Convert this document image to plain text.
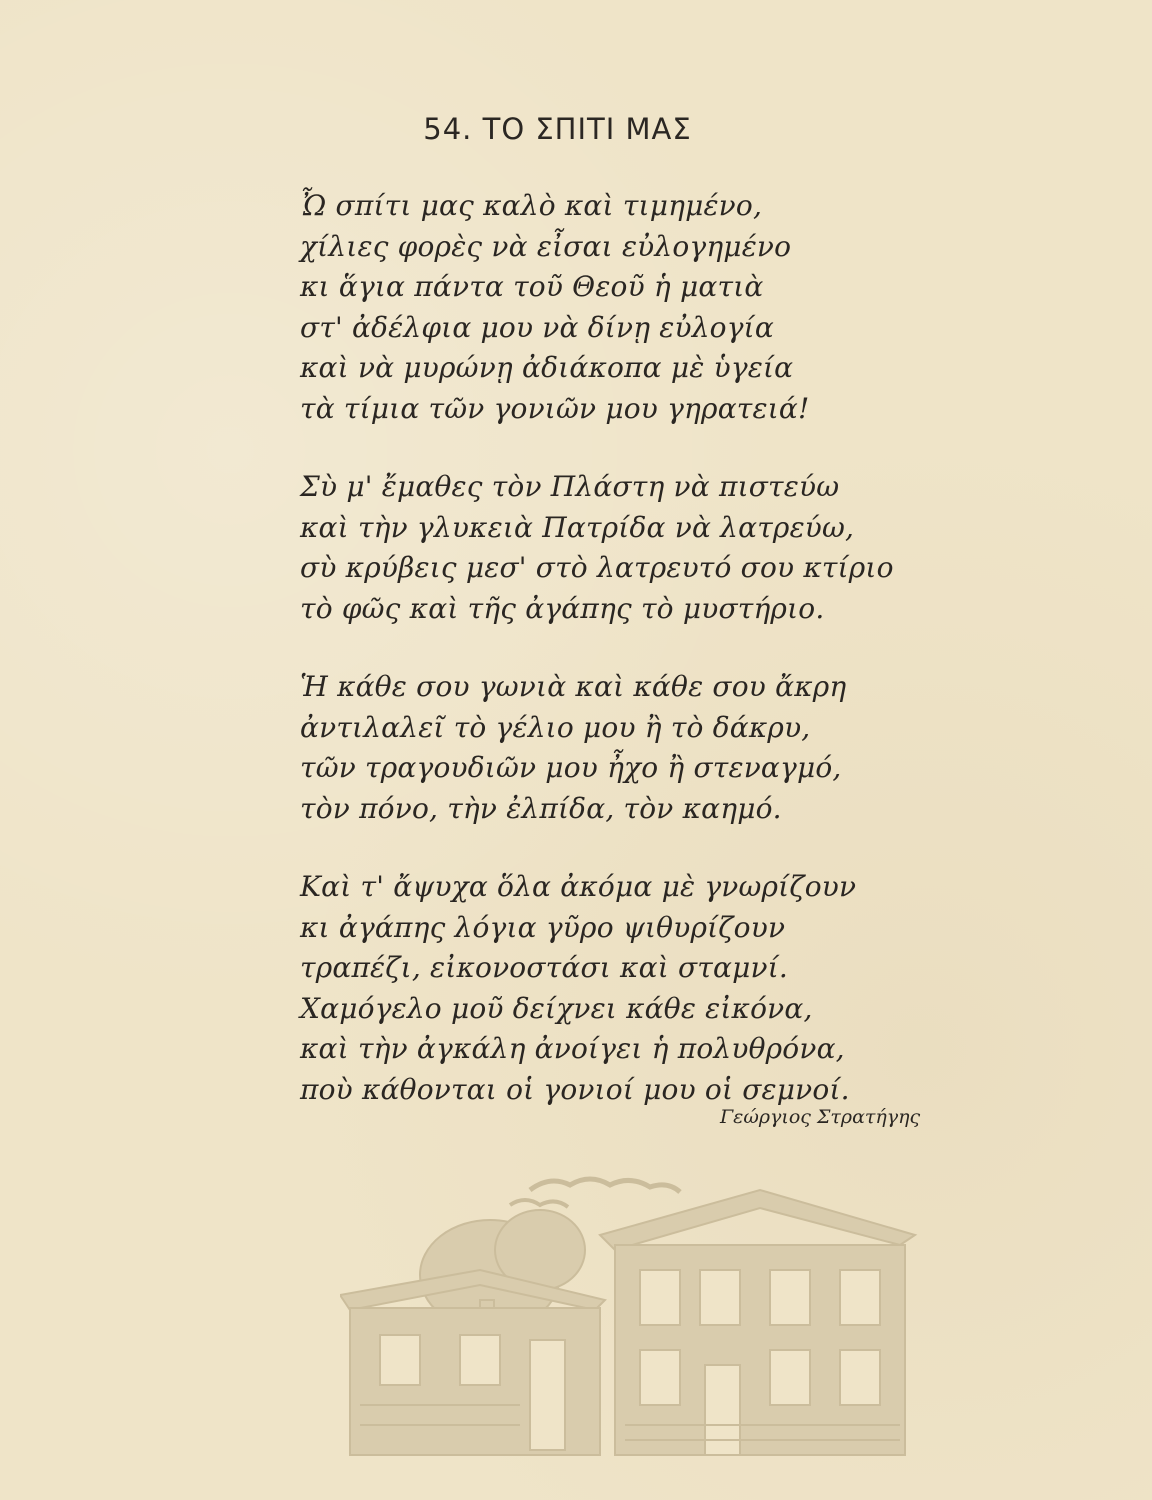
54. ΤΟ ΣΠΙΤΙ ΜΑΣ
Ὦ σπίτι μας καλὸ καὶ τιμημένο,
χίλιες φορὲς νὰ εἶσαι εὐλογημένο
κι ἅγια πάντα τοῦ Θεοῦ ἡ ματιὰ
στ' ἀδέλφια μου νὰ δίνῃ εὐλογία
καὶ νὰ μυρώνῃ ἀδιάκοπα μὲ ὑγεία
τὰ τίμια τῶν γονιῶν μου γηρατειά!
Σὺ μ' ἔμαθες τὸν Πλάστη νὰ πιστεύω
καὶ τὴν γλυκειὰ Πατρίδα νὰ λατρεύω,
σὺ κρύβεις μεσ' στὸ λατρευτό σου κτίριο
τὸ φῶς καὶ τῆς ἀγάπης τὸ μυστήριο.
Ἡ κάθε σου γωνιὰ καὶ κάθε σου ἄκρη
ἀντιλαλεῖ τὸ γέλιο μου ἢ τὸ δάκρυ,
τῶν τραγουδιῶν μου ἦχο ἢ στεναγμό,
τὸν πόνο, τὴν ἐλπίδα, τὸν καημό.
Καὶ τ' ἄψυχα ὅλα ἀκόμα μὲ γνωρίζουν
κι ἀγάπης λόγια γῦρο ψιθυρίζουν
τραπέζι, εἰκονοστάσι καὶ σταμνί.
Χαμόγελο μοῦ δείχνει κάθε εἰκόνα,
καὶ τὴν ἀγκάλη ἀνοίγει ἡ πολυθρόνα,
ποὺ κάθονται οἱ γονιοί μου οἱ σεμνοί.
Γεώργιος Στρατήγης
